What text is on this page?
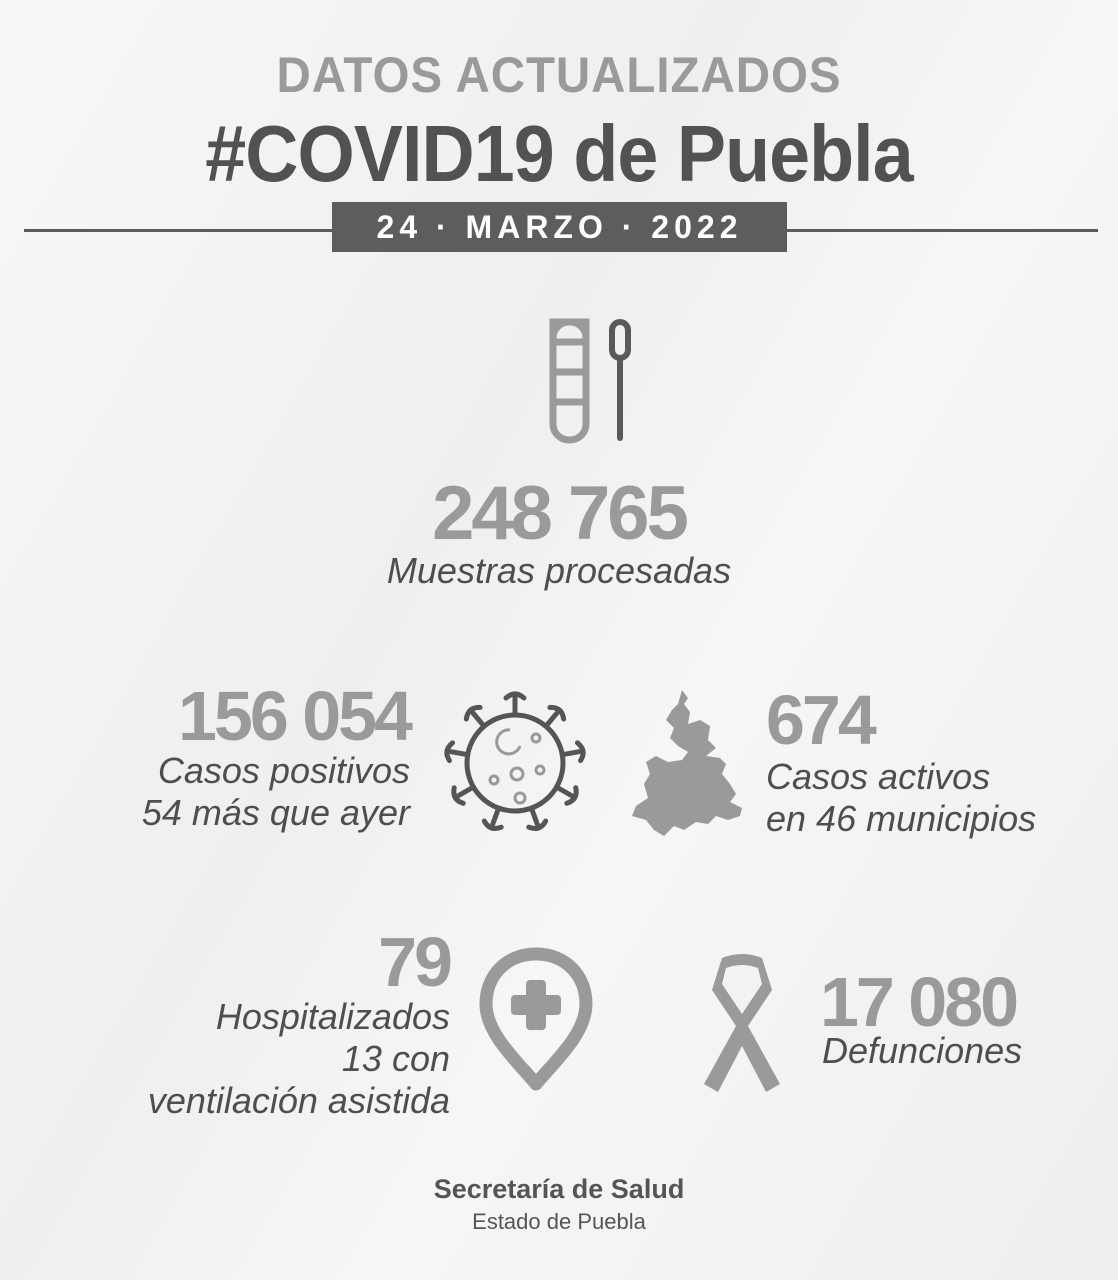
DATOS ACTUALIZADOS
#COVID19 de Puebla
24 · MARZO · 2022
248 765
Muestras procesadas
156 054
Casos positivos
54 más que ayer
674
Casos activos
en 46 municipios
79
Hospitalizados
13 con
ventilación asistida
17 080
Defunciones
Secretaría de Salud
Estado de Puebla
